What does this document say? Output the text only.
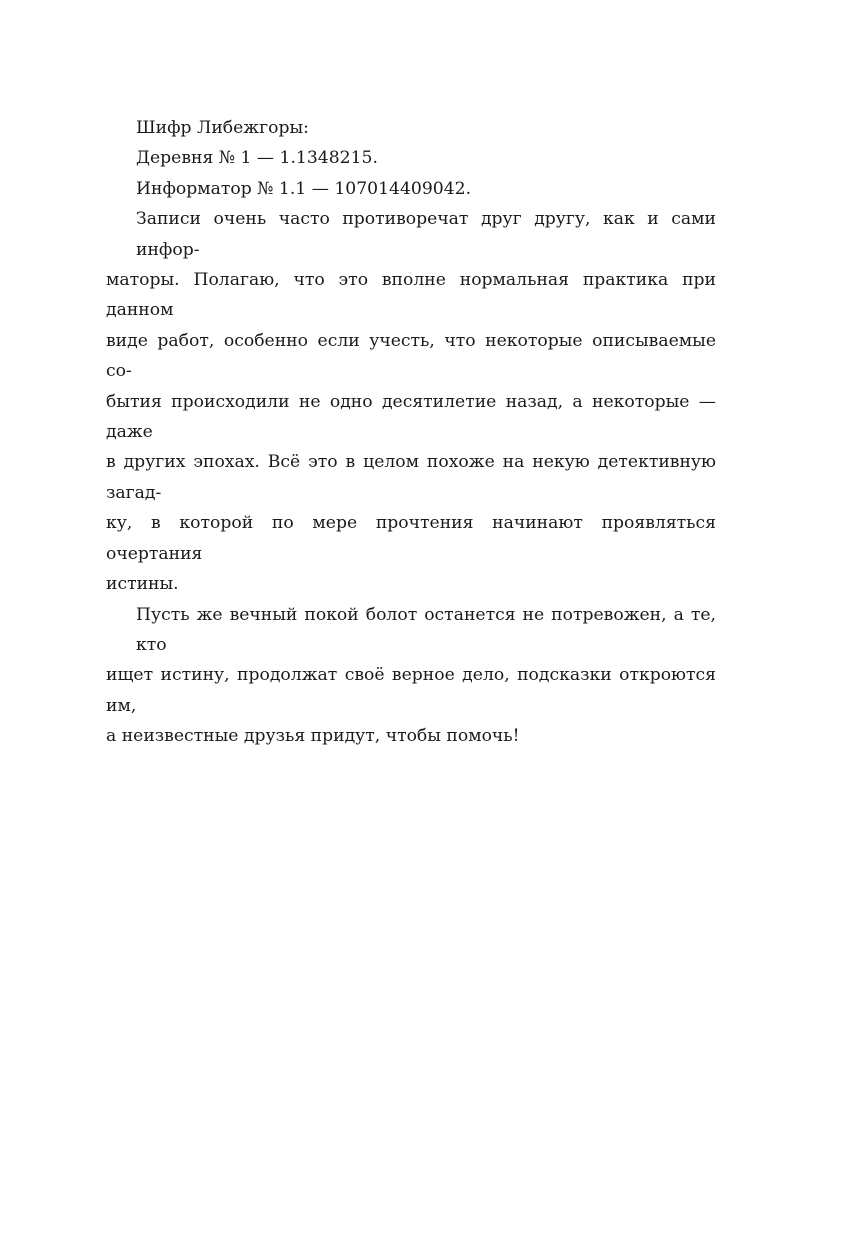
Шифр Либежгоры:
Деревня № 1 — 1.1348215.
Информатор № 1.1 — 107014409042.
Записи очень часто противоречат друг другу, как и сами инфор-
маторы. Полагаю, что это вполне нормальная практика при данном
виде работ, особенно если учесть, что некоторые описываемые со-
бытия происходили не одно десятилетие назад, а некоторые — даже
в других эпохах. Всё это в целом похоже на некую детективную загад-
ку, в которой по мере прочтения начинают проявляться очертания
истины.
Пусть же вечный покой болот останется не потревожен, а те, кто
ищет истину, продолжат своё верное дело, подсказки откроются им,
а неизвестные друзья придут, чтобы помочь!
